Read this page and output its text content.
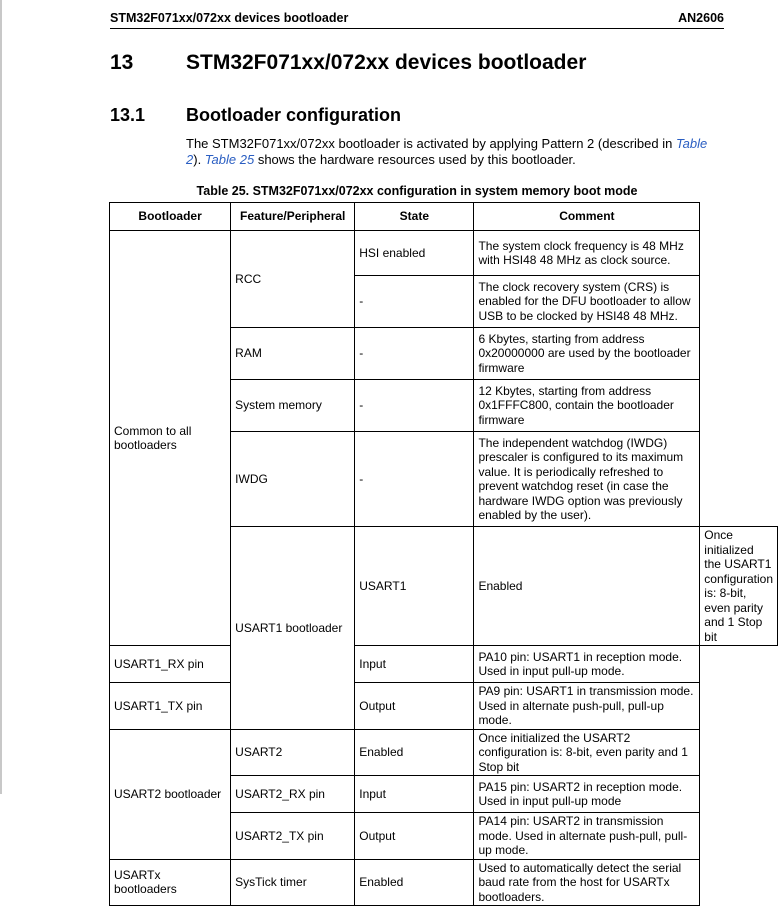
STM32F071xx/072xx devices bootloader	AN2606
13	STM32F071xx/072xx devices bootloader
13.1 Bootloader configuration
The STM32F071xx/072xx bootloader is activated by applying Pattern 2 (described in Table 2). Table 25 shows the hardware resources used by this bootloader.
Table 25. STM32F071xx/072xx configuration in system memory boot mode
Bootloader	Feature/Peripheral	State	Comment	
Common to all bootloaders	RCC	HSI enabled	The system clock frequency is 48 MHz with HSI48 48 MHz as clock source.	
		-	The clock recovery system (CRS) is enabled for the DFU bootloader to allow USB to be clocked by HSI48 48 MHz.	
	RAM	-	6 Kbytes, starting from address 0x20000000 are used by the bootloader firmware	
	System memory	-	12 Kbytes, starting from address 0x1FFFC800, contain the bootloader firmware	
	IWDG	-	The independent watchdog (IWDG) prescaler is configured to its maximum value. It is periodically refreshed to prevent watchdog reset (in case the hardware IWDG option was previously enabled by the user).	
	USART1 bootloader	USART1	Enabled	Once initialized the USART1 configuration is: 8-bit, even parity and 1 Stop bit
USART1_RX pin		Input	PA10 pin: USART1 in reception mode. Used in input pull-up mode.	
USART1_TX pin		Output	PA9 pin: USART1 in transmission mode. Used in alternate push-pull, pull-up mode.	
USART2 bootloader	USART2	Enabled	Once initialized the USART2 configuration is: 8-bit, even parity and 1 Stop bit	
	USART2_RX pin	Input	PA15 pin: USART2 in reception mode. Used in input pull-up mode	
	USART2_TX pin	Output	PA14 pin: USART2 in transmission mode. Used in alternate push-pull, pull-up mode.	
USARTx bootloaders	SysTick timer	Enabled	Used to automatically detect the serial baud rate from the host for USARTx bootloaders.	
